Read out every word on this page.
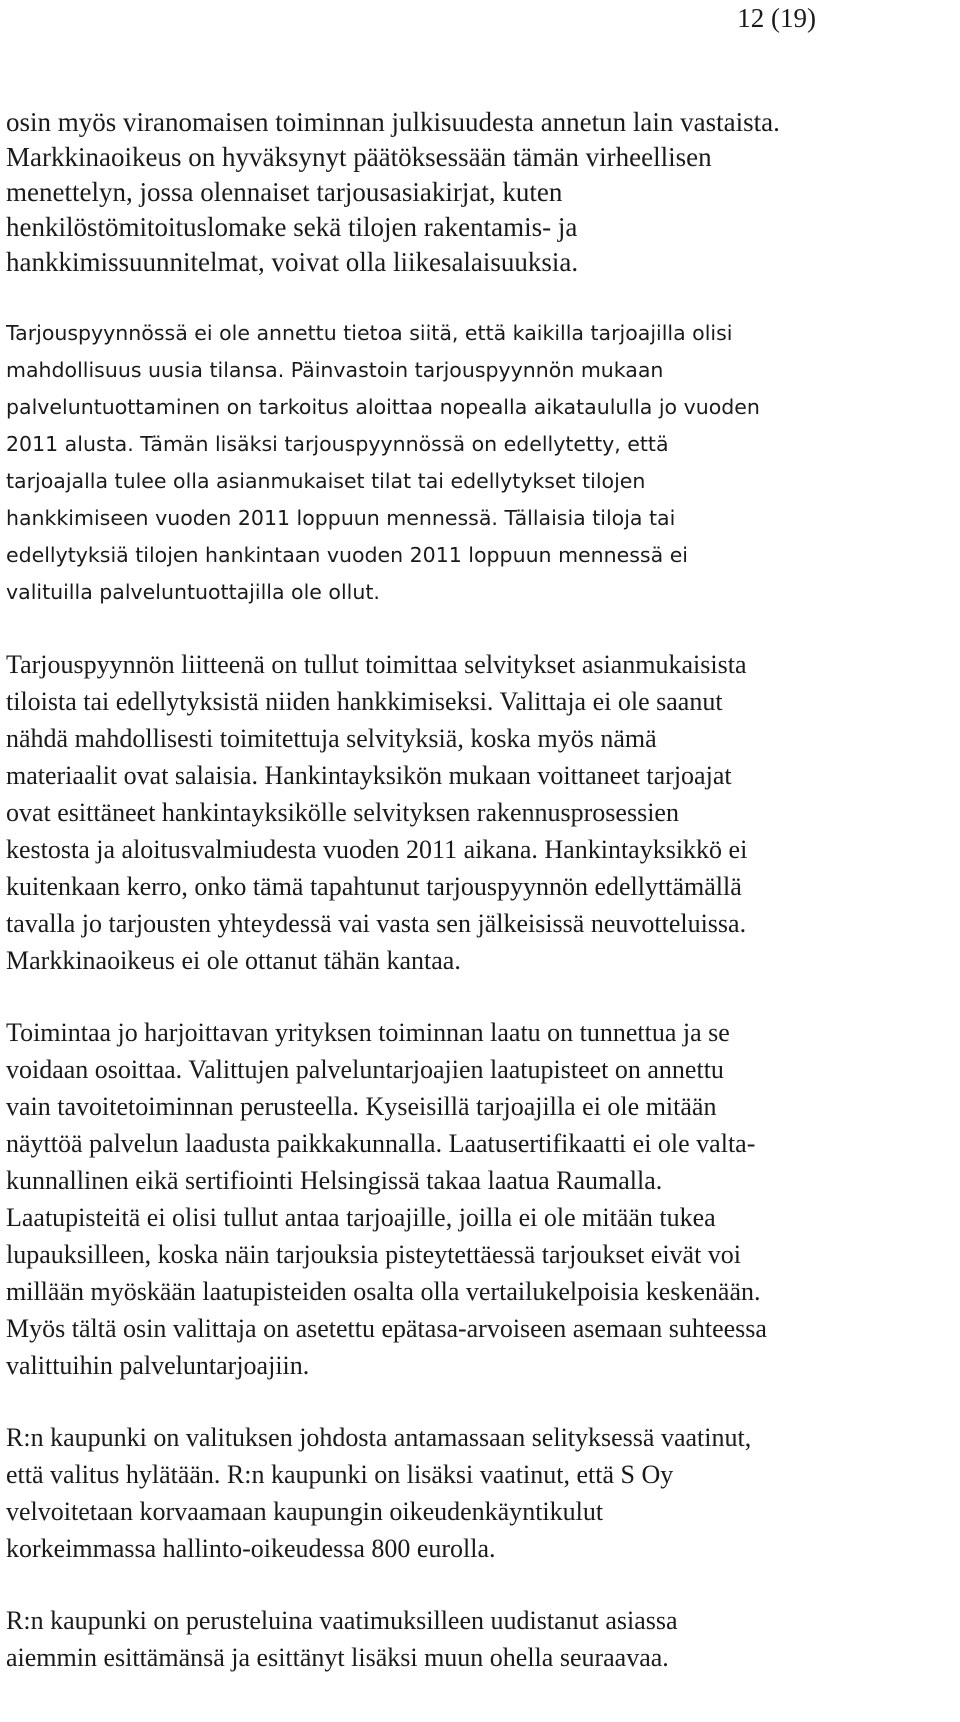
12 (19)

osin myös viranomaisen toiminnan julkisuudesta annetun lain vastaista.
Markkinaoikeus on hyväksynyt päätöksessään tämän virheellisen
menettelyn, jossa olennaiset tarjousasiakirjat, kuten
henkilöstömitoituslomake sekä tilojen rakentamis- ja
hankkimissuunnitelmat, voivat olla liikesalaisuuksia.

Tarjouspyynnössä ei ole annettu tietoa siitä, että kaikilla tarjoajilla olisi
mahdollisuus uusia tilansa. Päinvastoin tarjouspyynnön mukaan
palveluntuottaminen on tarkoitus aloittaa nopealla aikataululla jo vuoden
2011 alusta. Tämän lisäksi tarjouspyynnössä on edellytetty, että
tarjoajalla tulee olla asianmukaiset tilat tai edellytykset tilojen
hankkimiseen vuoden 2011 loppuun mennessä. Tällaisia tiloja tai
edellytyksiä tilojen hankintaan vuoden 2011 loppuun mennessä ei
valituilla palveluntuottajilla ole ollut.

Tarjouspyynnön liitteenä on tullut toimittaa selvitykset asianmukaisista
tiloista tai edellytyksistä niiden hankkimiseksi. Valittaja ei ole saanut
nähdä mahdollisesti toimitettuja selvityksiä, koska myös nämä
materiaalit ovat salaisia. Hankintayksikön mukaan voittaneet tarjoajat
ovat esittäneet hankintayksikölle selvityksen rakennusprosessien
kestosta ja aloitusvalmiudesta vuoden 2011 aikana. Hankintayksikkö ei
kuitenkaan kerro, onko tämä tapahtunut tarjouspyynnön edellyttämällä
tavalla jo tarjousten yhteydessä vai vasta sen jälkeisissä neuvotteluissa.
Markkinaoikeus ei ole ottanut tähän kantaa.

Toimintaa jo harjoittavan yrityksen toiminnan laatu on tunnettua ja se
voidaan osoittaa. Valittujen palveluntarjoajien laatupisteet on annettu
vain tavoitetoiminnan perusteella. Kyseisillä tarjoajilla ei ole mitään
näyttöä palvelun laadusta paikkakunnalla. Laatusertifikaatti ei ole valta-
kunnallinen eikä sertifiointi Helsingissä takaa laatua Raumalla.
Laatupisteitä ei olisi tullut antaa tarjoajille, joilla ei ole mitään tukea
lupauksilleen, koska näin tarjouksia pisteytettäessä tarjoukset eivät voi
millään myöskään laatupisteiden osalta olla vertailukelpoisia keskenään.
Myös tältä osin valittaja on asetettu epätasa-arvoiseen asemaan suhteessa
valittuihin palveluntarjoajiin.

R:n kaupunki on valituksen johdosta antamassaan selityksessä vaatinut,
että valitus hylätään. R:n kaupunki on lisäksi vaatinut, että S Oy
velvoitetaan korvaamaan kaupungin oikeudenkäyntikulut
korkeimmassa hallinto-oikeudessa 800 eurolla.

R:n kaupunki on perusteluina vaatimuksilleen uudistanut asiassa
aiemmin esittämänsä ja esittänyt lisäksi muun ohella seuraavaa.
